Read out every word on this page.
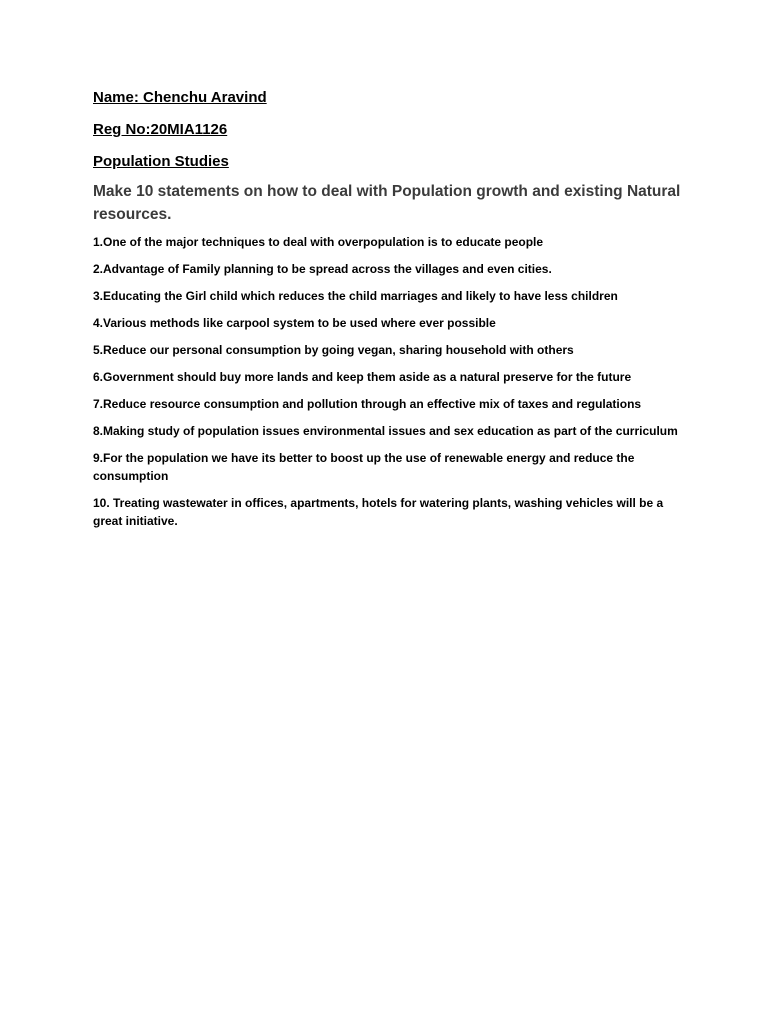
Name: Chenchu Aravind

Reg No:20MIA1126

Population Studies

Make 10 statements on how to deal with Population growth and existing Natural resources.

1.One of the major techniques to deal with overpopulation is to educate people
2.Advantage of Family planning to be spread across the villages and even cities.
3.Educating the Girl child which reduces the child marriages and likely to have less children
4.Various methods like carpool system to be used where ever possible
5.Reduce our personal consumption by going vegan, sharing household with others
6.Government should buy more lands and keep them aside as a natural preserve for the future
7.Reduce resource consumption and pollution through an effective mix of taxes and regulations
8.Making study of population issues environmental issues and sex education as part of the curriculum
9.For the population we have its better to boost up the use of renewable energy and reduce the consumption
10. Treating wastewater in offices, apartments, hotels for watering plants, washing vehicles will be a great initiative.
